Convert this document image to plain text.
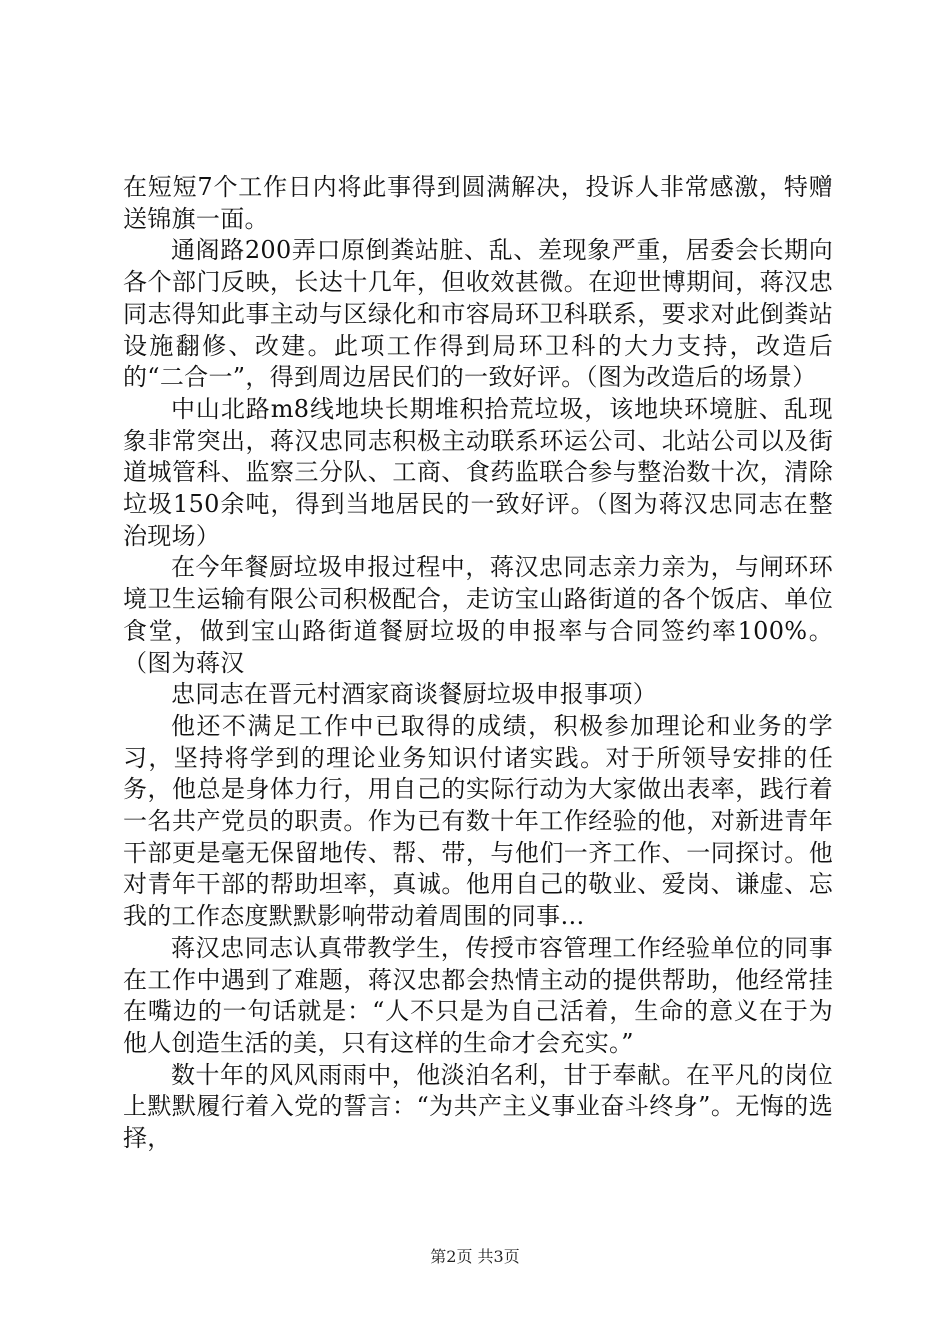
在短短7个工作日内将此事得到圆满解决，投诉人非常感激，特赠送锦旗一面。

通阁路200弄口原倒粪站脏、乱、差现象严重，居委会长期向各个部门反映，长达十几年，但收效甚微。在迎世博期间，蒋汉忠同志得知此事主动与区绿化和市容局环卫科联系，要求对此倒粪站设施翻修、改建。此项工作得到局环卫科的大力支持，改造后的“二合一”，得到周边居民们的一致好评。（图为改造后的场景）

中山北路m8线地块长期堆积拾荒垃圾，该地块环境脏、乱现象非常突出，蒋汉忠同志积极主动联系环运公司、北站公司以及街道城管科、监察三分队、工商、食药监联合参与整治数十次，清除垃圾150余吨，得到当地居民的一致好评。（图为蒋汉忠同志在整治现场）

在今年餐厨垃圾申报过程中，蒋汉忠同志亲力亲为，与闸环环境卫生运输有限公司积极配合，走访宝山路街道的各个饭店、单位食堂，做到宝山路街道餐厨垃圾的申报率与合同签约率100%。（图为蒋汉

忠同志在晋元村酒家商谈餐厨垃圾申报事项）

他还不满足工作中已取得的成绩，积极参加理论和业务的学习，坚持将学到的理论业务知识付诸实践。对于所领导安排的任务，他总是身体力行，用自己的实际行动为大家做出表率，践行着一名共产党员的职责。作为已有数十年工作经验的他，对新进青年干部更是毫无保留地传、帮、带，与他们一齐工作、一同探讨。他对青年干部的帮助坦率，真诚。他用自己的敬业、爱岗、谦虚、忘我的工作态度默默影响带动着周围的同事…

蒋汉忠同志认真带教学生，传授市容管理工作经验单位的同事在工作中遇到了难题，蒋汉忠都会热情主动的提供帮助，他经常挂在嘴边的一句话就是：“人不只是为自己活着，生命的意义在于为他人创造生活的美，只有这样的生命才会充实。”

数十年的风风雨雨中，他淡泊名利，甘于奉献。在平凡的岗位上默默履行着入党的誓言：“为共产主义事业奋斗终身”。无悔的选择，

第2页 共3页
